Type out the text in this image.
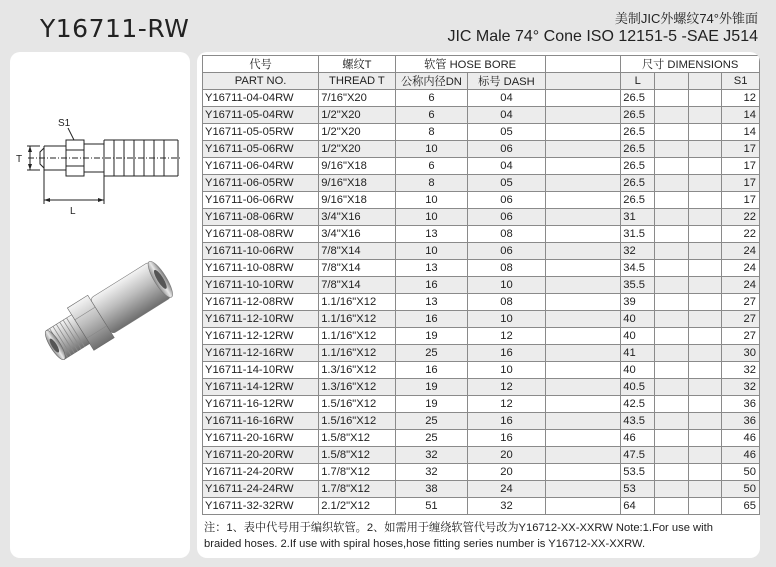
Y16711-RW	美制JIC外螺纹74°外锥面
JIC Male 74° Cone ISO 12151-5 -SAE J514
S1
T
L
代号	螺纹T	软管 HOSE BORE			尺寸 DIMENSIONS			
PART NO.	THREAD T	公称内径DN	标号 DASH		L			S1
Y16711-04-04RW	7/16"X20	6	04		26.5			12
Y16711-05-04RW	1/2"X20	6	04		26.5			14
Y16711-05-05RW	1/2"X20	8	05		26.5			14
Y16711-05-06RW	1/2"X20	10	06		26.5			17
Y16711-06-04RW	9/16"X18	6	04		26.5			17
Y16711-06-05RW	9/16"X18	8	05		26.5			17
Y16711-06-06RW	9/16"X18	10	06		26.5			17
Y16711-08-06RW	3/4"X16	10	06		31			22
Y16711-08-08RW	3/4"X16	13	08		31.5			22
Y16711-10-06RW	7/8"X14	10	06		32			24
Y16711-10-08RW	7/8"X14	13	08		34.5			24
Y16711-10-10RW	7/8"X14	16	10		35.5			24
Y16711-12-08RW	1.1/16"X12	13	08		39			27
Y16711-12-10RW	1.1/16"X12	16	10		40			27
Y16711-12-12RW	1.1/16"X12	19	12		40			27
Y16711-12-16RW	1.1/16"X12	25	16		41			30
Y16711-14-10RW	1.3/16"X12	16	10		40			32
Y16711-14-12RW	1.3/16"X12	19	12		40.5			32
Y16711-16-12RW	1.5/16"X12	19	12		42.5			36
Y16711-16-16RW	1.5/16"X12	25	16		43.5			36
Y16711-20-16RW	1.5/8"X12	25	16		46			46
Y16711-20-20RW	1.5/8"X12	32	20		47.5			46
Y16711-24-20RW	1.7/8"X12	32	20		53.5			50
Y16711-24-24RW	1.7/8"X12	38	24		53			50
Y16711-32-32RW	2.1/2"X12	51	32		64			65
注：1、表中代号用于编织软管。2、如需用于缠绕软管代号改为Y16712-XX-XXRW Note:1.For use with
braided hoses. 2.If use with spiral hoses,hose fitting series number is Y16712-XX-XXRW.
